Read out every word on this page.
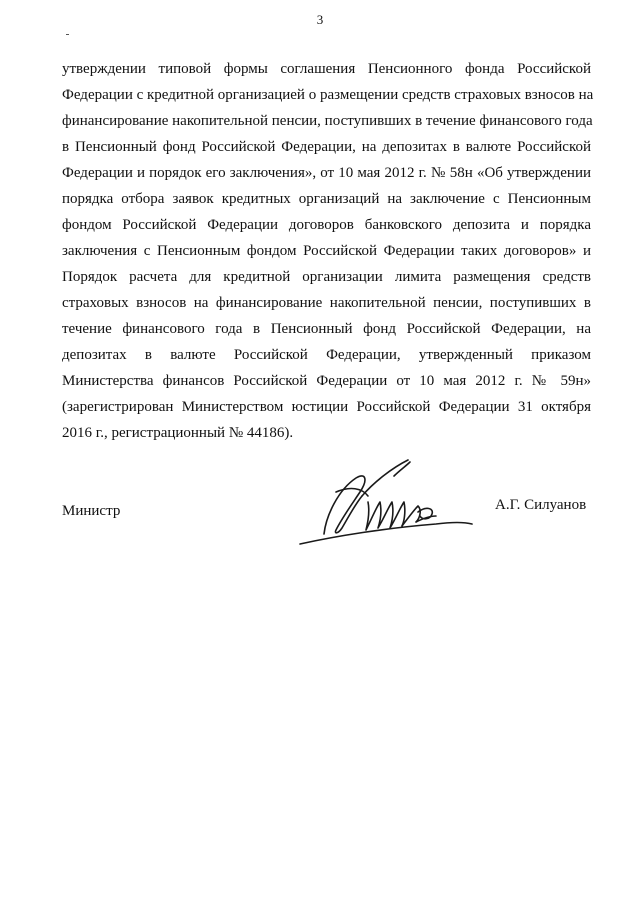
3
утверждении типовой формы соглашения Пенсионного фонда Российской
Федерации с кредитной организацией о размещении средств страховых взносов на
финансирование накопительной пенсии, поступивших в течение финансового года
в Пенсионный фонд Российской Федерации, на депозитах в валюте Российской
Федерации и порядок его заключения», от 10 мая 2012 г. № 58н «Об утверждении
порядка отбора заявок кредитных организаций на заключение с Пенсионным
фондом Российской Федерации договоров банковского депозита и порядка
заключения с Пенсионным фондом Российской Федерации таких договоров» и
Порядок расчета для кредитной организации лимита размещения средств
страховых взносов на финансирование накопительной пенсии, поступивших в
течение финансового года в Пенсионный фонд Российской Федерации, на
депозитах в валюте Российской Федерации, утвержденный приказом
Министерства финансов Российской Федерации от 10 мая 2012 г. № 59н»
(зарегистрирован Министерством юстиции Российской Федерации 31 октября
2016 г., регистрационный № 44186).
Министр	А.Г. Силуанов
